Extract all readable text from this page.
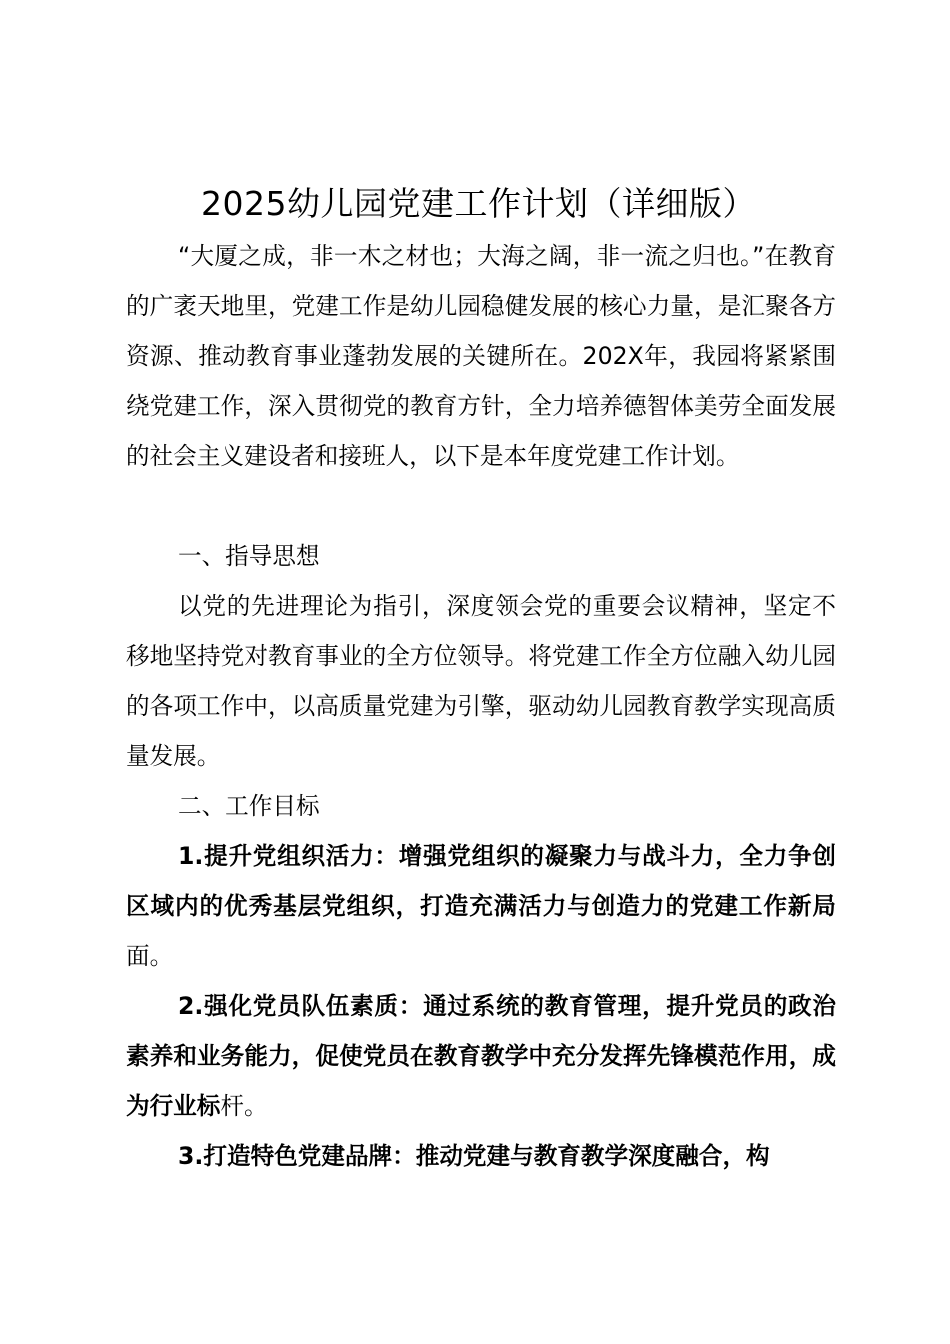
2025幼儿园党建工作计划（详细版）

“大厦之成，非一木之材也；大海之阔，非一流之归也。”在教育的广袤天地里，党建工作是幼儿园稳健发展的核心力量，是汇聚各方资源、推动教育事业蓬勃发展的关键所在。202X年，我园将紧紧围绕党建工作，深入贯彻党的教育方针，全力培养德智体美劳全面发展的社会主义建设者和接班人，以下是本年度党建工作计划。

一、指导思想

以党的先进理论为指引，深度领会党的重要会议精神，坚定不移地坚持党对教育事业的全方位领导。将党建工作全方位融入幼儿园的各项工作中，以高质量党建为引擎，驱动幼儿园教育教学实现高质量发展。

二、工作目标

1.提升党组织活力：增强党组织的凝聚力与战斗力，全力争创区域内的优秀基层党组织，打造充满活力与创造力的党建工作新局面。

2.强化党员队伍素质：通过系统的教育管理，提升党员的政治素养和业务能力，促使党员在教育教学中充分发挥先锋模范作用，成为行业标杆。

3.打造特色党建品牌：推动党建与教育教学深度融合，构
